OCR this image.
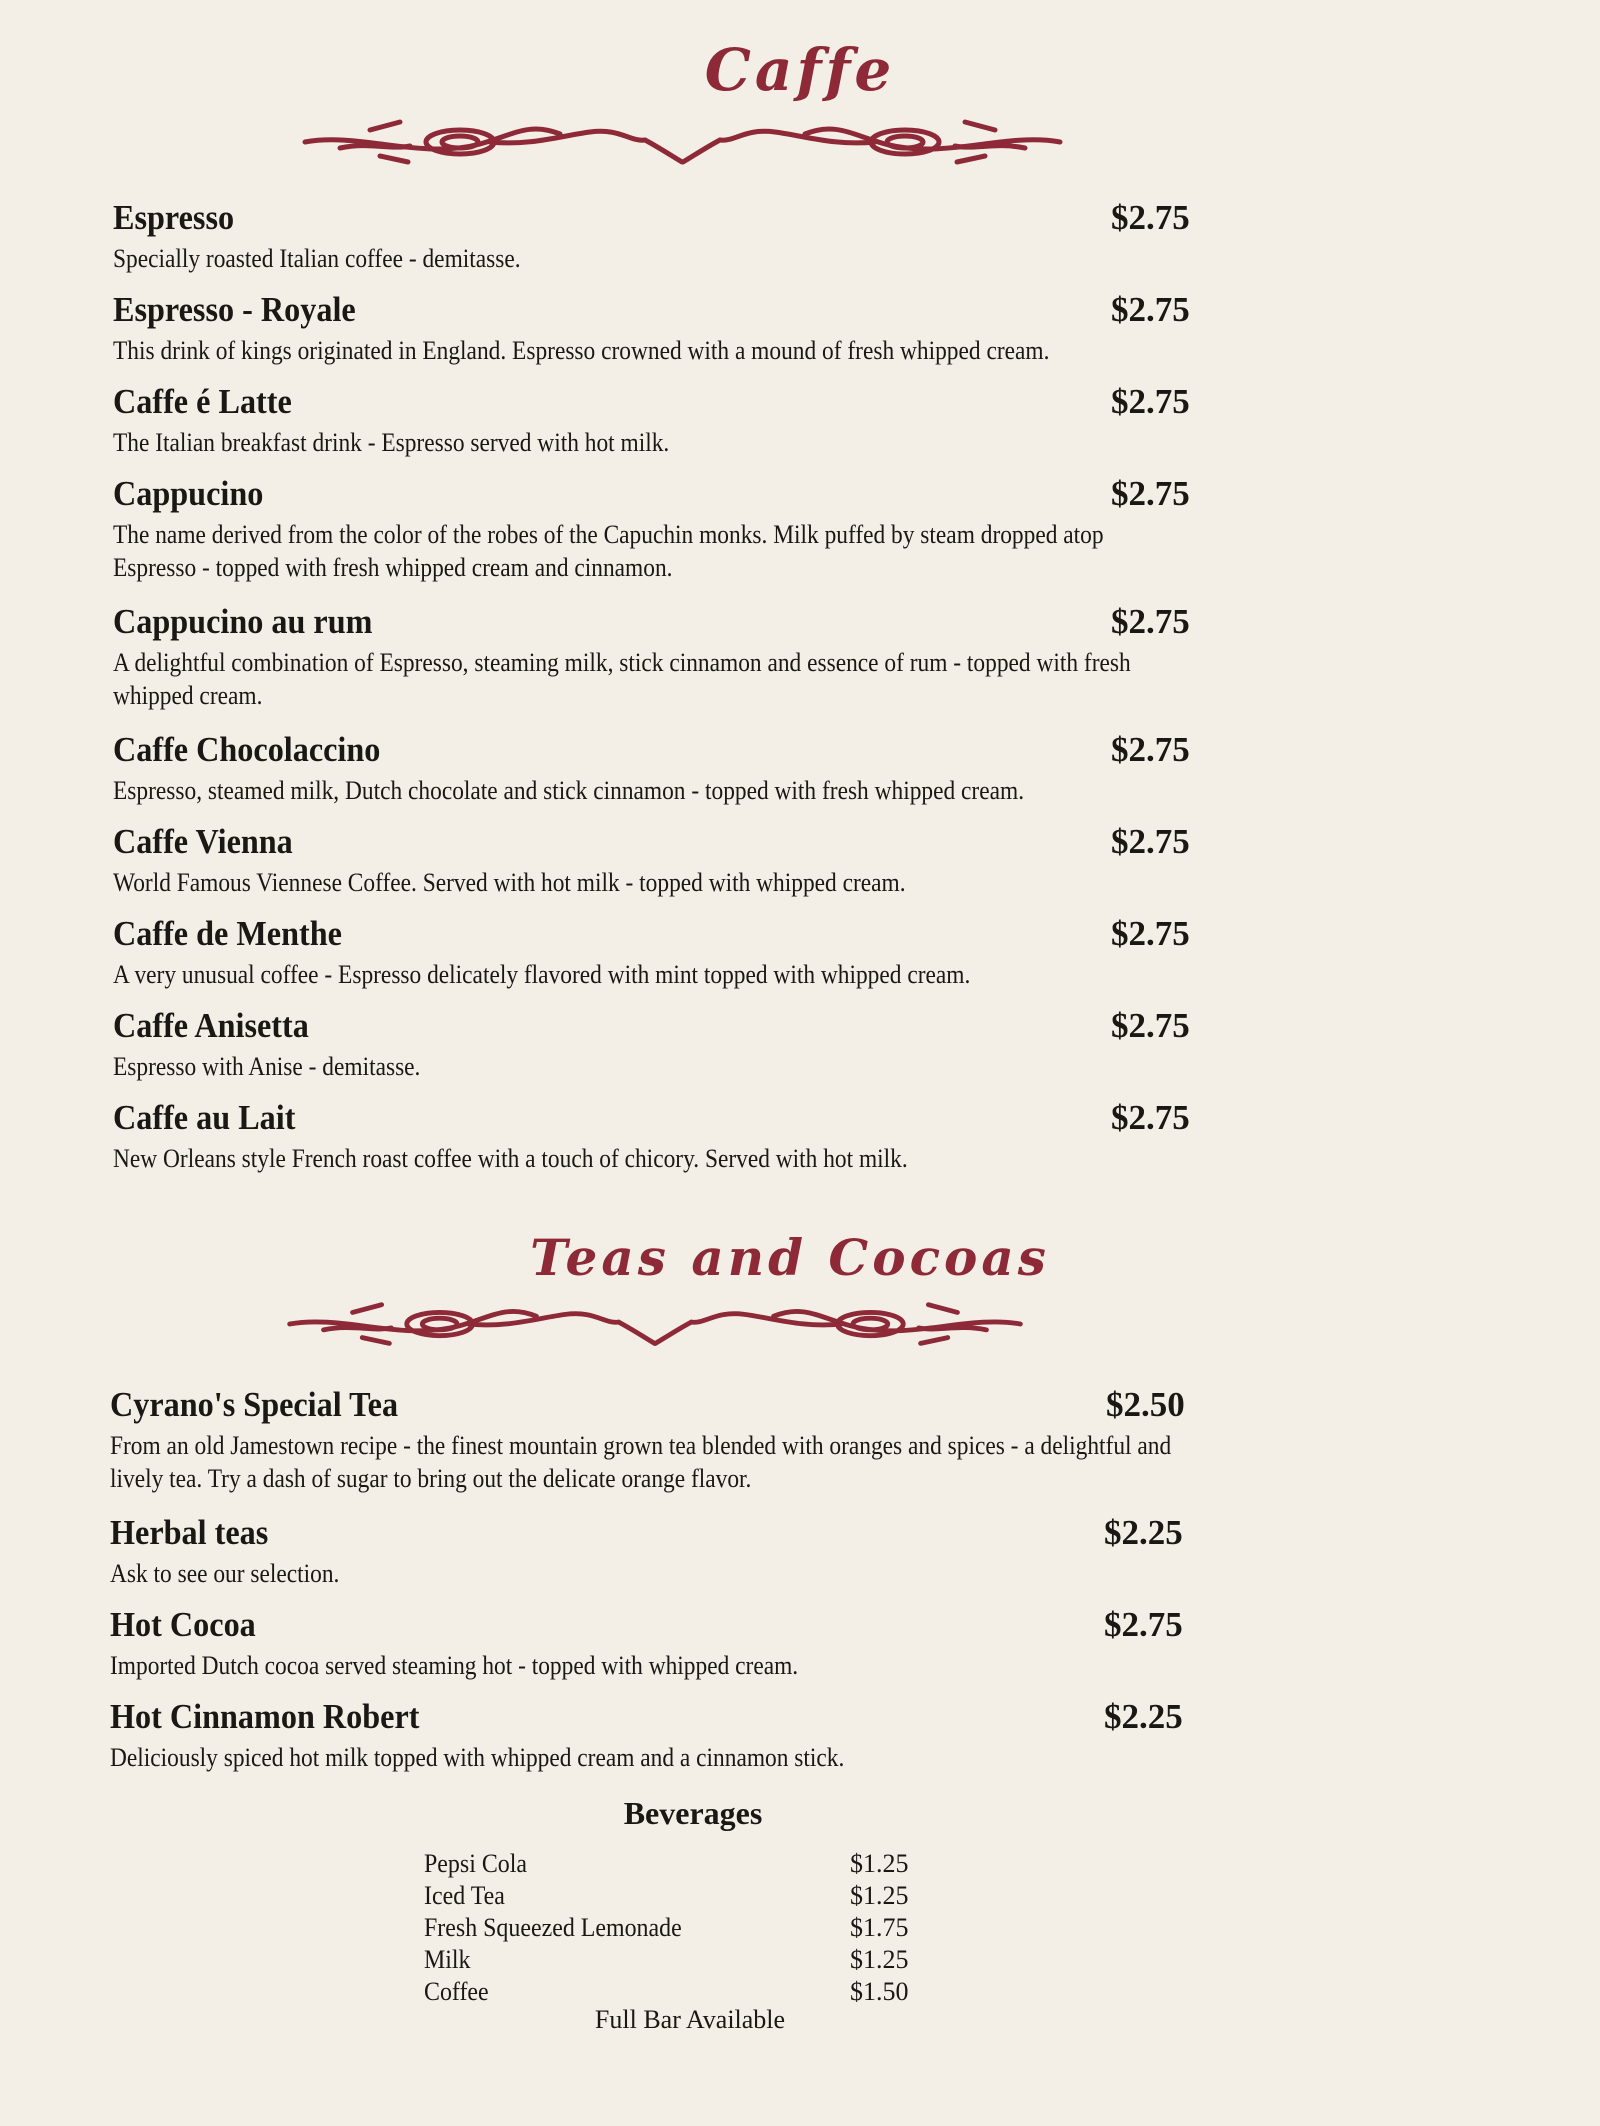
Caffe
Espresso	$2.75
Specially roasted Italian coffee - demitasse.
Espresso - Royale	$2.75
This drink of kings originated in England. Espresso crowned with a mound of fresh whipped cream.
Caffe é Latte	$2.75
The Italian breakfast drink - Espresso served with hot milk.
Cappucino	$2.75
The name derived from the color of the robes of the Capuchin monks. Milk puffed by steam dropped atop Espresso - topped with fresh whipped cream and cinnamon.
Cappucino au rum	$2.75
A delightful combination of Espresso, steaming milk, stick cinnamon and essence of rum - topped with fresh whipped cream.
Caffe Chocolaccino	$2.75
Espresso, steamed milk, Dutch chocolate and stick cinnamon - topped with fresh whipped cream.
Caffe Vienna	$2.75
World Famous Viennese Coffee. Served with hot milk - topped with whipped cream.
Caffe de Menthe	$2.75
A very unusual coffee - Espresso delicately flavored with mint topped with whipped cream.
Caffe Anisetta	$2.75
Espresso with Anise - demitasse.
Caffe au Lait	$2.75
New Orleans style French roast coffee with a touch of chicory. Served with hot milk.
Teas and Cocoas
Cyrano's Special Tea	$2.50
From an old Jamestown recipe - the finest mountain grown tea blended with oranges and spices - a delightful and lively tea. Try a dash of sugar to bring out the delicate orange flavor.
Herbal teas	$2.25
Ask to see our selection.
Hot Cocoa	$2.75
Imported Dutch cocoa served steaming hot - topped with whipped cream.
Hot Cinnamon Robert	$2.25
Deliciously spiced hot milk topped with whipped cream and a cinnamon stick.
Beverages
Pepsi Cola	$1.25
Iced Tea	$1.25
Fresh Squeezed Lemonade	$1.75
Milk	$1.25
Coffee	$1.50
Full Bar Available
